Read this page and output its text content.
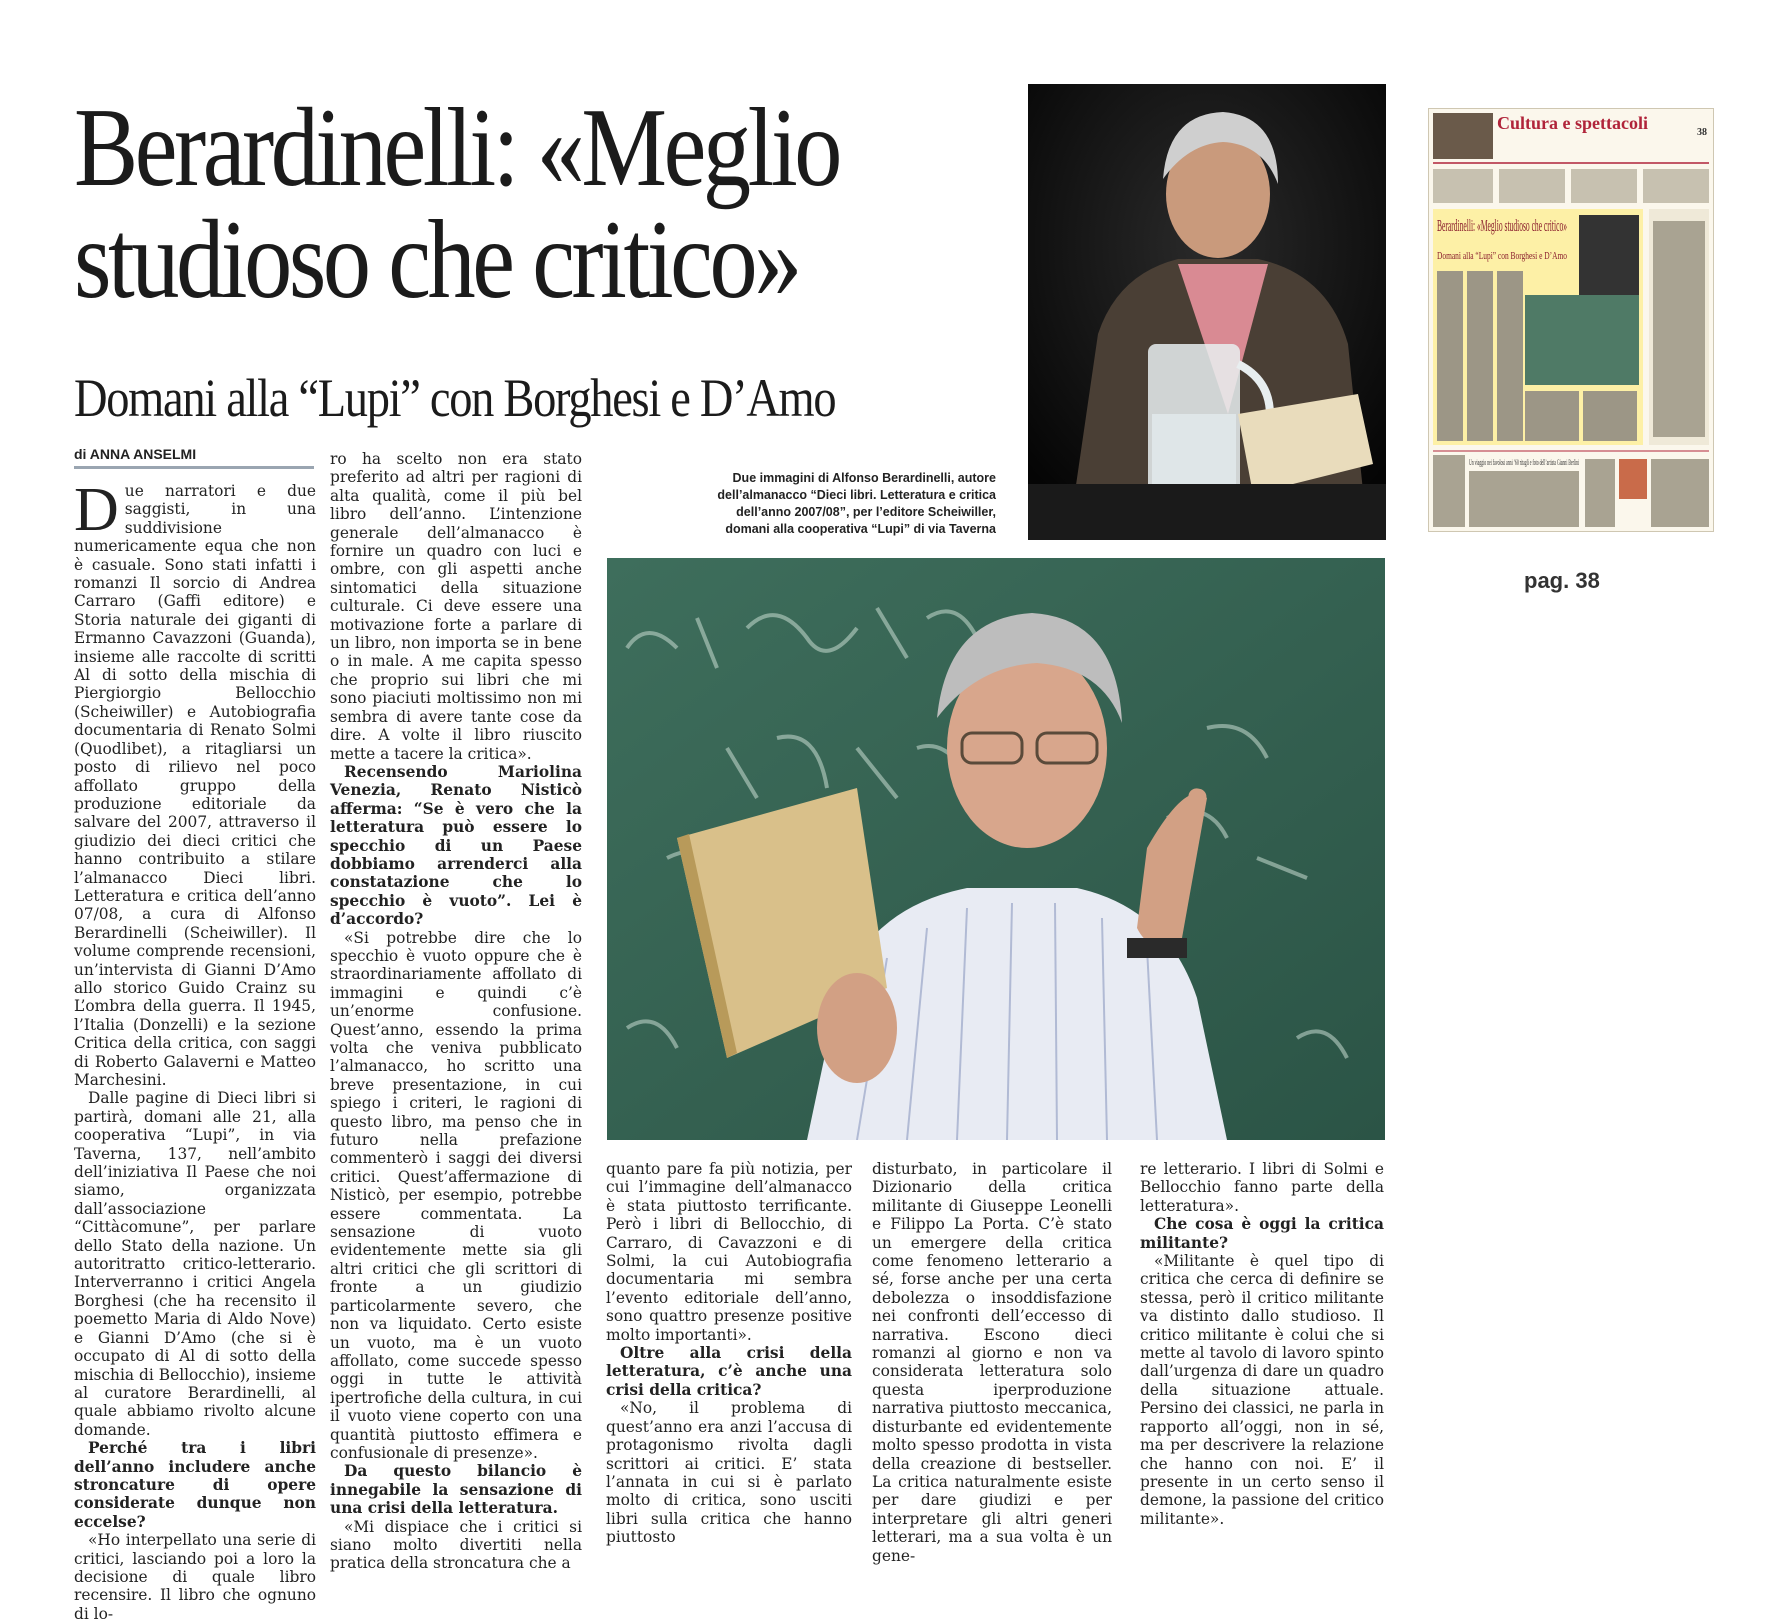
Berardinelli: «Meglio
studioso che critico»
Domani alla “Lupi” con Borghesi e D’Amo
di ANNA ANSELMI

Due narratori e due saggisti, in una suddivisione numericamente equa che non è casuale. Sono stati infatti i romanzi Il sorcio di Andrea Carraro (Gaffi editore) e Storia naturale dei giganti di Ermanno Cavazzoni (Guanda), insieme alle raccolte di scritti Al di sotto della mischia di Piergiorgio Bellocchio (Scheiwiller) e Autobiografia documentaria di Renato Solmi (Quodlibet), a ritagliarsi un posto di rilievo nel poco affollato gruppo della produzione editoriale da salvare del 2007, attraverso il giudizio dei dieci critici che hanno contribuito a stilare l’almanacco Dieci libri. Letteratura e critica dell’anno 07/08, a cura di Alfonso Berardinelli (Scheiwiller). Il volume comprende recensioni, un’intervista di Gianni D’Amo allo storico Guido Crainz su L’ombra della guerra. Il 1945, l’Italia (Donzelli) e la sezione Critica della critica, con saggi di Roberto Galaverni e Matteo Marchesini.

Dalle pagine di Dieci libri si partirà, domani alle 21, alla cooperativa “Lupi”, in via Taverna, 137, nell’ambito dell’iniziativa Il Paese che noi siamo, organizzata dall’associazione “Cittàcomune”, per parlare dello Stato della nazione. Un autoritratto critico-letterario. Interverranno i critici Angela Borghesi (che ha recensito il poemetto Maria di Aldo Nove) e Gianni D’Amo (che si è occupato di Al di sotto della mischia di Bellocchio), insieme al curatore Berardinelli, al quale abbiamo rivolto alcune domande.

Perché tra i libri dell’anno includere anche stroncature di opere considerate dunque non eccelse?

«Ho interpellato una serie di critici, lasciando poi a loro la decisione di quale libro recensire. Il libro che ognuno di lo-

ro ha scelto non era stato preferito ad altri per ragioni di alta qualità, come il più bel libro dell’anno. L’intenzione generale dell’almanacco è fornire un quadro con luci e ombre, con gli aspetti anche sintomatici della situazione culturale. Ci deve essere una motivazione forte a parlare di un libro, non importa se in bene o in male. A me capita spesso che proprio sui libri che mi sono piaciuti moltissimo non mi sembra di avere tante cose da dire. A volte il libro riuscito mette a tacere la critica».

Recensendo Mariolina Venezia, Renato Nisticò afferma: “Se è vero che la letteratura può essere lo specchio di un Paese dobbiamo arrenderci alla constatazione che lo specchio è vuoto”. Lei è d’accordo?

«Si potrebbe dire che lo specchio è vuoto oppure che è straordinariamente affollato di immagini e quindi c’è un’enorme confusione. Quest’anno, essendo la prima volta che veniva pubblicato l’almanacco, ho scritto una breve presentazione, in cui spiego i criteri, le ragioni di questo libro, ma penso che in futuro nella prefazione commenterò i saggi dei diversi critici. Quest’affermazione di Nisticò, per esempio, potrebbe essere commentata. La sensazione di vuoto evidentemente mette sia gli altri critici che gli scrittori di fronte a un giudizio particolarmente severo, che non va liquidato. Certo esiste un vuoto, ma è un vuoto affollato, come succede spesso oggi in tutte le attività ipertrofiche della cultura, in cui il vuoto viene coperto con una quantità piuttosto effimera e confusionale di presenze».

Da questo bilancio è innegabile la sensazione di una crisi della letteratura.

«Mi dispiace che i critici si siano molto divertiti nella pratica della stroncatura che a

Due immagini di Alfonso Berardinelli, autore dell’almanacco “Dieci libri. Letteratura e critica dell’anno 2007/08”, per l’editore Scheiwiller, domani alla cooperativa “Lupi” di via Taverna

quanto pare fa più notizia, per cui l’immagine dell’almanacco è stata piuttosto terrificante. Però i libri di Bellocchio, di Carraro, di Cavazzoni e di Solmi, la cui Autobiografia documentaria mi sembra l’evento editoriale dell’anno, sono quattro presenze positive molto importanti».

Oltre alla crisi della letteratura, c’è anche una crisi della critica?

«No, il problema di quest’anno era anzi l’accusa di protagonismo rivolta dagli scrittori ai critici. E’ stata l’annata in cui si è parlato molto di critica, sono usciti libri sulla critica che hanno piuttosto

disturbato, in particolare il Dizionario della critica militante di Giuseppe Leonelli e Filippo La Porta. C’è stato un emergere della critica come fenomeno letterario a sé, forse anche per una certa debolezza o insoddisfazione nei confronti dell’eccesso di narrativa. Escono dieci romanzi al giorno e non va considerata letteratura solo questa iperproduzione narrativa piuttosto meccanica, disturbante ed evidentemente molto spesso prodotta in vista della creazione di bestseller. La critica naturalmente esiste per dare giudizi e per interpretare gli altri generi letterari, ma a sua volta è un gene-

re letterario. I libri di Solmi e Bellocchio fanno parte della letteratura».

Che cosa è oggi la critica militante?

«Militante è quel tipo di critica che cerca di definire se stessa, però il critico militante va distinto dallo studioso. Il critico militante è colui che si mette al tavolo di lavoro spinto dall’urgenza di dare un quadro della situazione attuale. Persino dei classici, ne parla in rapporto all’oggi, non in sé, ma per descrivere la relazione che hanno con noi. E’ il presente in un certo senso il demone, la passione del critico militante».

Cultura e spettacoli	38
Berardinelli: «Meglio studioso che critico»
Domani alla “Lupi” con Borghesi e D’Amo
Un viaggio nei favolosi anni ’60 ritagli e foto dell’artista Gianni Berlini
pag. 38
